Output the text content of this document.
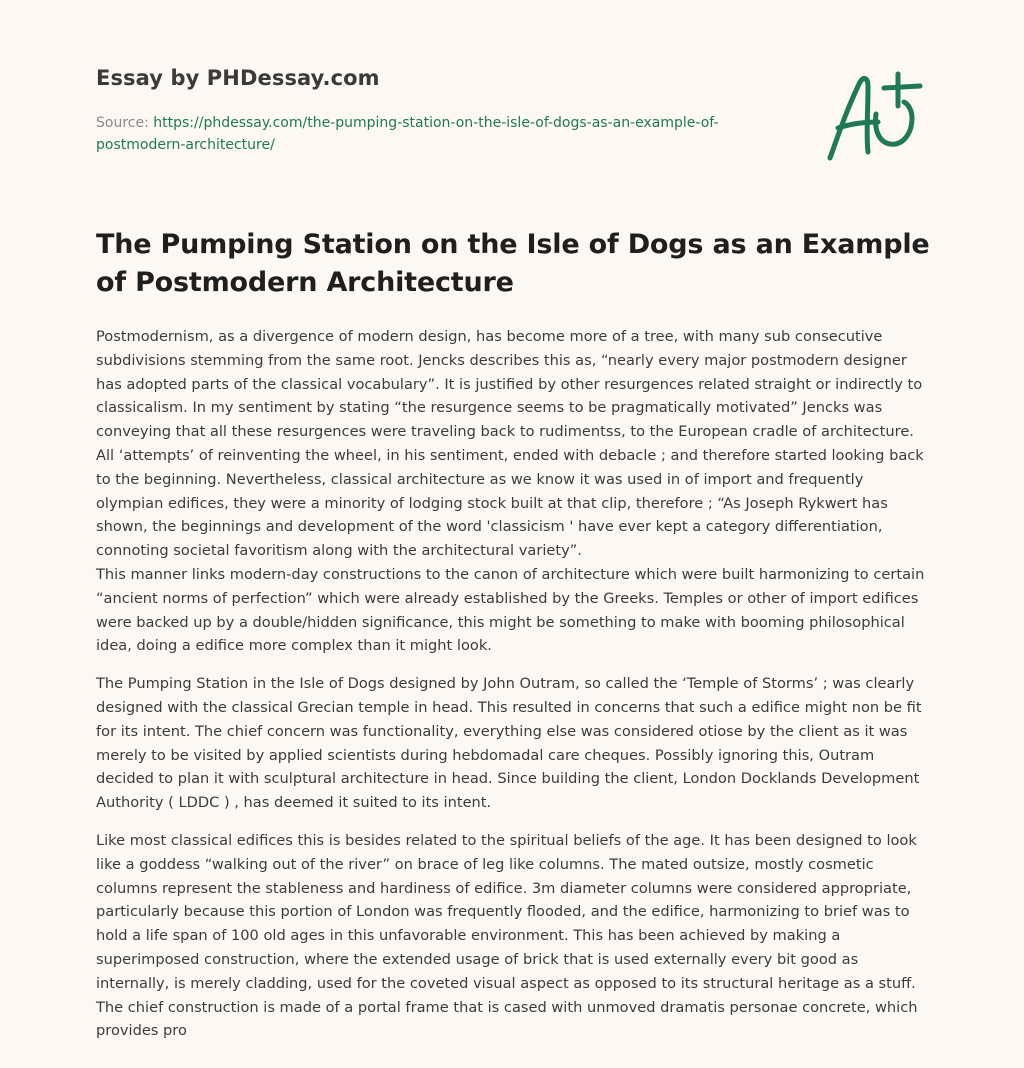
Essay by PHDessay.com
Source: https://phdessay.com/the-pumping-station-on-the-isle-of-dogs-as-an-example-of-postmodern-architecture/
The Pumping Station on the Isle of Dogs as an Example of Postmodern Architecture

Postmodernism, as a divergence of modern design, has become more of a tree, with many sub consecutive subdivisions stemming from the same root. Jencks describes this as, “nearly every major postmodern designer has adopted parts of the classical vocabulary”. It is justified by other resurgences related straight or indirectly to classicalism. In my sentiment by stating “the resurgence seems to be pragmatically motivated” Jencks was conveying that all these resurgences were traveling back to rudimentss, to the European cradle of architecture. All ‘attempts’ of reinventing the wheel, in his sentiment, ended with debacle ; and therefore started looking back to the beginning. Nevertheless, classical architecture as we know it was used in of import and frequently olympian edifices, they were a minority of lodging stock built at that clip, therefore ; “As Joseph Rykwert has shown, the beginnings and development of the word 'classicism ' have ever kept a category differentiation, connoting societal favoritism along with the architectural variety”.

This manner links modern-day constructions to the canon of architecture which were built harmonizing to certain “ancient norms of perfection” which were already established by the Greeks. Temples or other of import edifices were backed up by a double/hidden significance, this might be something to make with booming philosophical idea, doing a edifice more complex than it might look.

The Pumping Station in the Isle of Dogs designed by John Outram, so called the ‘Temple of Storms’ ; was clearly designed with the classical Grecian temple in head. This resulted in concerns that such a edifice might non be fit for its intent. The chief concern was functionality, everything else was considered otiose by the client as it was merely to be visited by applied scientists during hebdomadal care cheques. Possibly ignoring this, Outram decided to plan it with sculptural architecture in head. Since building the client, London Docklands Development Authority ( LDDC ) , has deemed it suited to its intent.

Like most classical edifices this is besides related to the spiritual beliefs of the age. It has been designed to look like a goddess “walking out of the river” on brace of leg like columns. The mated outsize, mostly cosmetic columns represent the stableness and hardiness of edifice. 3m diameter columns were considered appropriate, particularly because this portion of London was frequently flooded, and the edifice, harmonizing to brief was to hold a life span of 100 old ages in this unfavorable environment. This has been achieved by making a superimposed construction, where the extended usage of brick that is used externally every bit good as internally, is merely cladding, used for the coveted visual aspect as opposed to its structural heritage as a stuff. The chief construction is made of a portal frame that is cased with unmoved dramatis personae concrete, which provides pro
